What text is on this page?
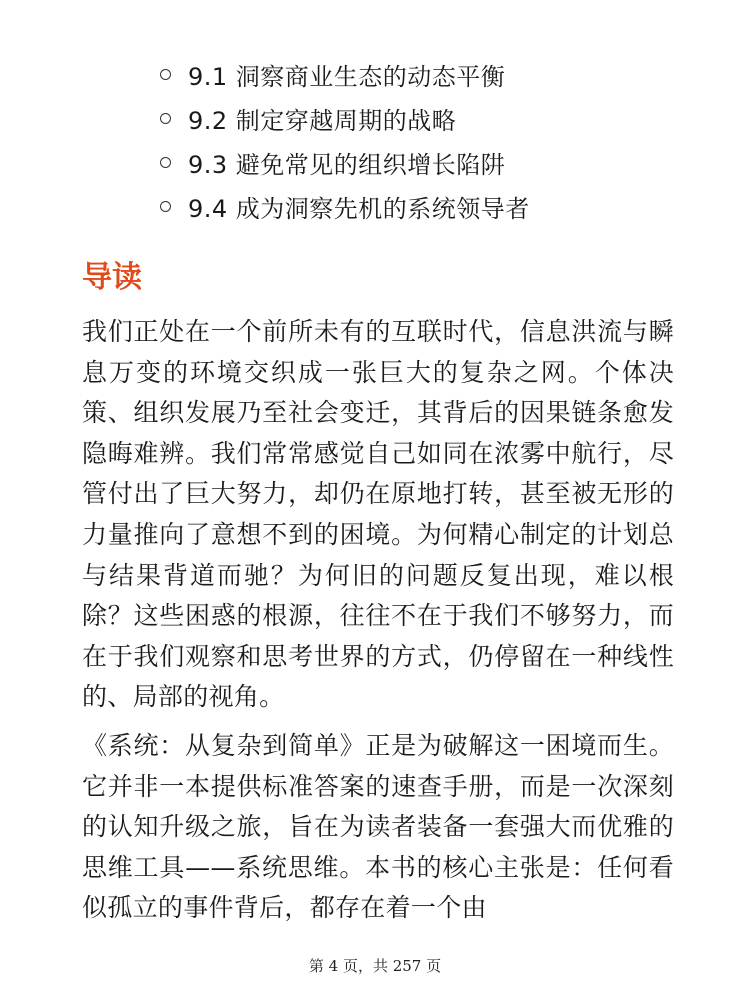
9.1 洞察商业生态的动态平衡
9.2 制定穿越周期的战略
9.3 避免常见的组织增长陷阱
9.4 成为洞察先机的系统领导者
导读

我们正处在一个前所未有的互联时代，信息洪流与瞬息万变的环境交织成一张巨大的复杂之网。个体决策、组织发展乃至社会变迁，其背后的因果链条愈发隐晦难辨。我们常常感觉自己如同在浓雾中航行，尽管付出了巨大努力，却仍在原地打转，甚至被无形的力量推向了意想不到的困境。为何精心制定的计划总与结果背道而驰？为何旧的问题反复出现，难以根除？这些困惑的根源，往往不在于我们不够努力，而在于我们观察和思考世界的方式，仍停留在一种线性的、局部的视角。

《系统：从复杂到简单》正是为破解这一困境而生。它并非一本提供标准答案的速查手册，而是一次深刻的认知升级之旅，旨在为读者装备一套强大而优雅的思维工具——系统思维。本书的核心主张是：任何看似孤立的事件背后，都存在着一个由

第 4 页，共 257 页
